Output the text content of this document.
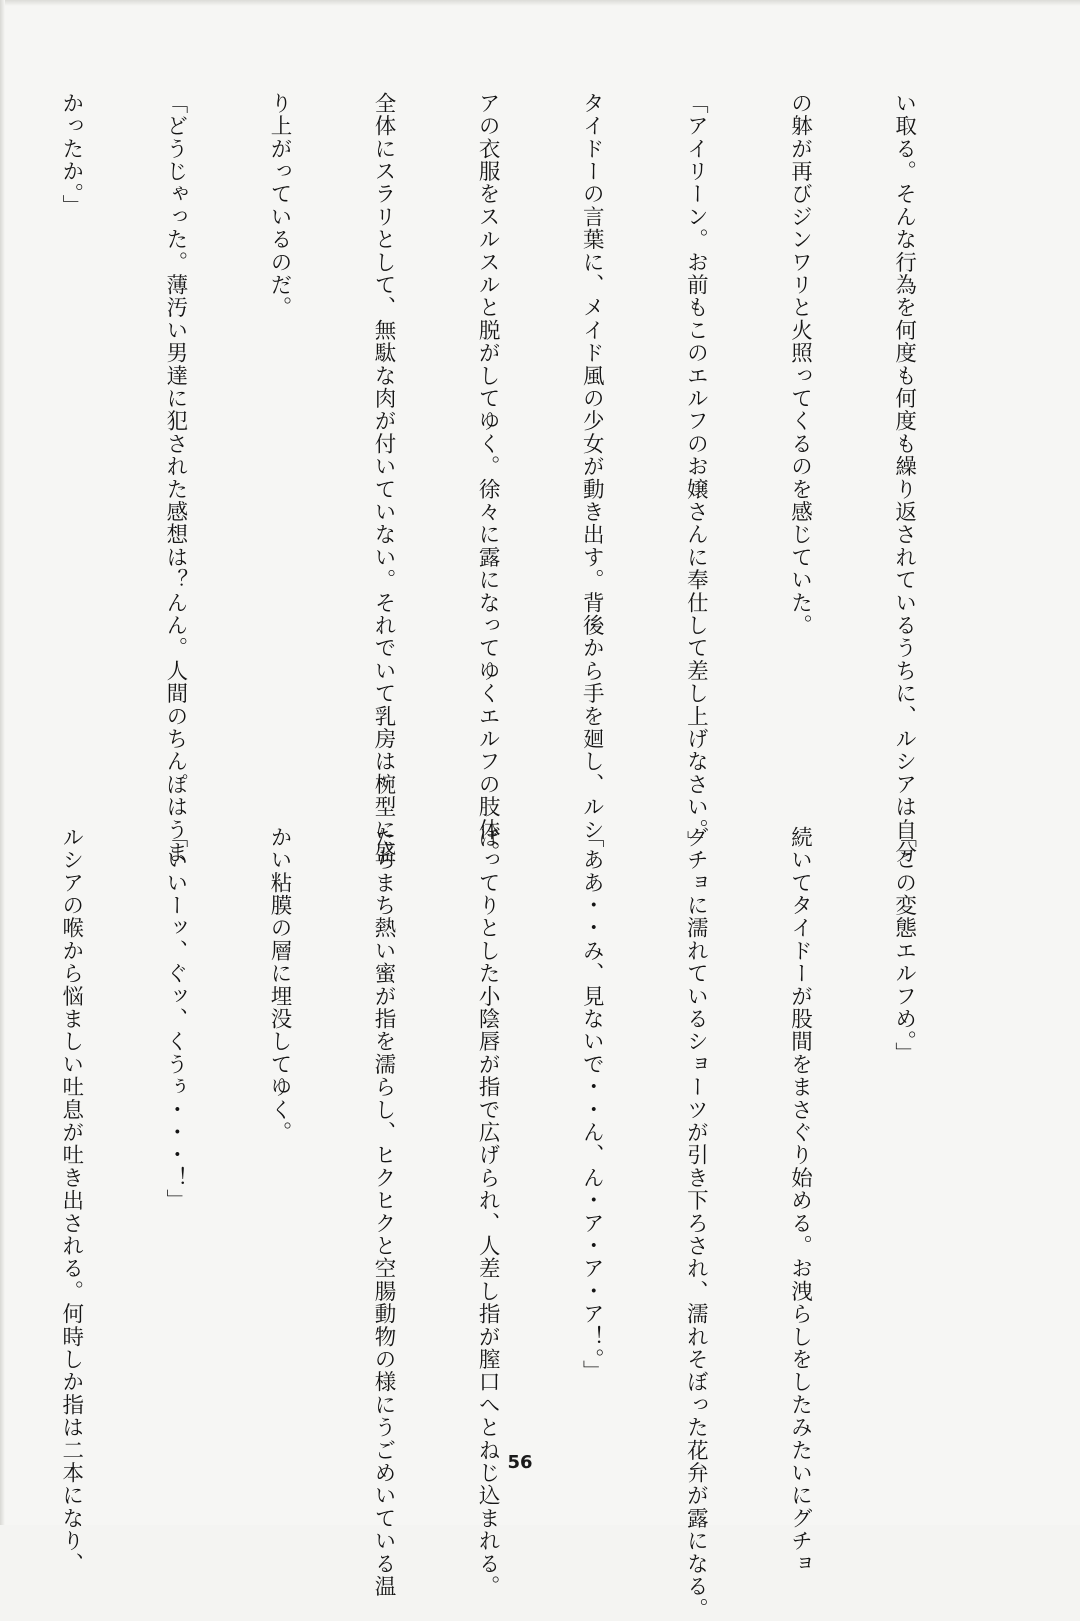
い取る。そんな行為を何度も何度も繰り返されているうちに、ルシアは自分

の躰が再びジンワリと火照ってくるのを感じていた。

「アイリーン。お前もこのエルフのお嬢さんに奉仕して差し上げなさい。」

タイドーの言葉に、メイド風の少女が動き出す。背後から手を廻し、ルシ

アの衣服をスルスルと脱がしてゆく。徐々に露になってゆくエルフの肢体。

全体にスラリとして、無駄な肉が付いていない。それでいて乳房は椀型に盛

り上がっているのだ。

「どうじゃった。薄汚い男達に犯された感想は？んん。人間のちんぽはうま

かったか。」

「この変態エルフめ。」

続いてタイドーが股間をまさぐり始める。お洩らしをしたみたいにグチョ

グチョに濡れているショーツが引き下ろされ、濡れそぼった花弁が露になる。

「ああ・・み、見ないで・・ん、ん・ア・ア・ア！。」

ぼってりとした小陰唇が指で広げられ、人差し指が膣口へとねじ込まれる。

たちまち熱い蜜が指を濡らし、ヒクヒクと空腸動物の様にうごめいている温

かい粘膜の層に埋没してゆく。

「いいーッ、ぐッ、くうぅ・・・！」

ルシアの喉から悩ましい吐息が吐き出される。何時しか指は二本になり、

	56
